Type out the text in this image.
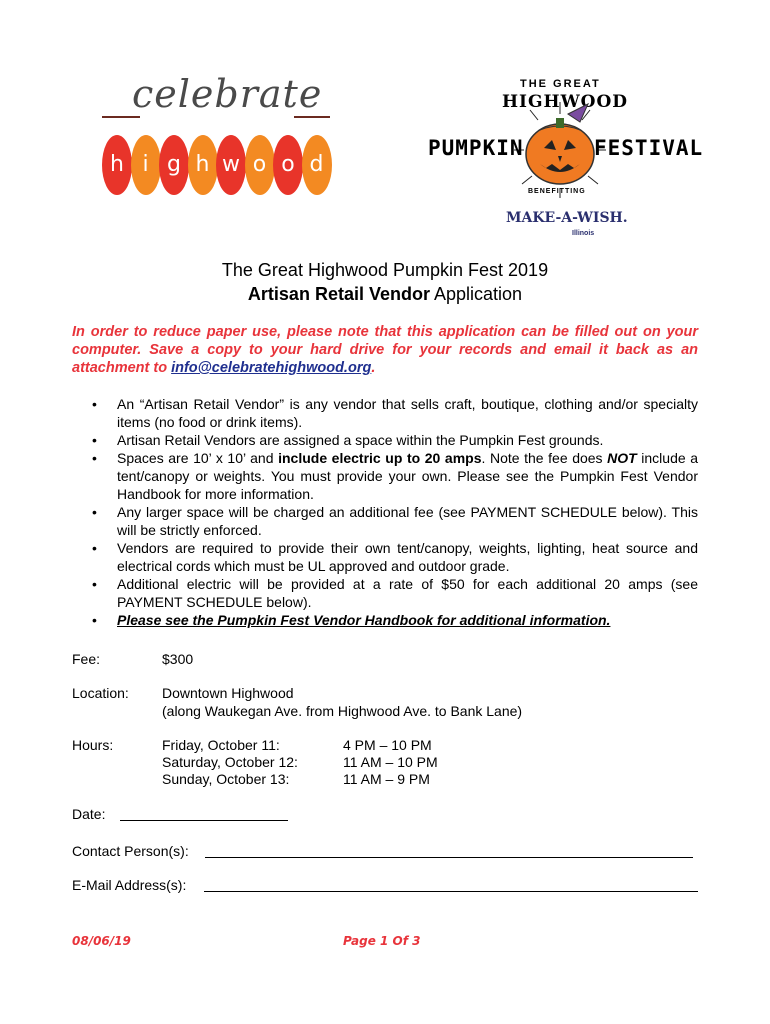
celebrate
h i g h w o o d
THE GREAT
HIGHWOOD
PUMPKIN	FESTIVAL
BENEFITTING
MAKE-A-WISH.
Illinois
The Great Highwood Pumpkin Fest 2019
Artisan Retail Vendor Application
In order to reduce paper use, please note that this application can be filled out on your computer. Save a copy to your hard drive for your records and email it back as an attachment to info@celebratehighwood.org.
• An “Artisan Retail Vendor” is any vendor that sells craft, boutique, clothing and/or specialty items (no food or drink items).
• Artisan Retail Vendors are assigned a space within the Pumpkin Fest grounds.
• Spaces are 10’ x 10’ and include electric up to 20 amps. Note the fee does NOT include a tent/canopy or weights. You must provide your own. Please see the Pumpkin Fest Vendor Handbook for more information.
• Any larger space will be charged an additional fee (see PAYMENT SCHEDULE below). This will be strictly enforced.
• Vendors are required to provide their own tent/canopy, weights, lighting, heat source and electrical cords which must be UL approved and outdoor grade.
• Additional electric will be provided at a rate of $50 for each additional 20 amps (see PAYMENT SCHEDULE below).
• Please see the Pumpkin Fest Vendor Handbook for additional information.
Fee:	$300
Location: Downtown Highwood
(along Waukegan Ave. from Highwood Ave. to Bank Lane)
Hours:	Friday, October 11:	4 PM – 10 PM
Saturday, October 12:	11 AM – 10 PM
Sunday, October 13:	11 AM – 9 PM
Date:
Contact Person(s):
E-Mail Address(s):
08/06/19	Page 1 Of 3
